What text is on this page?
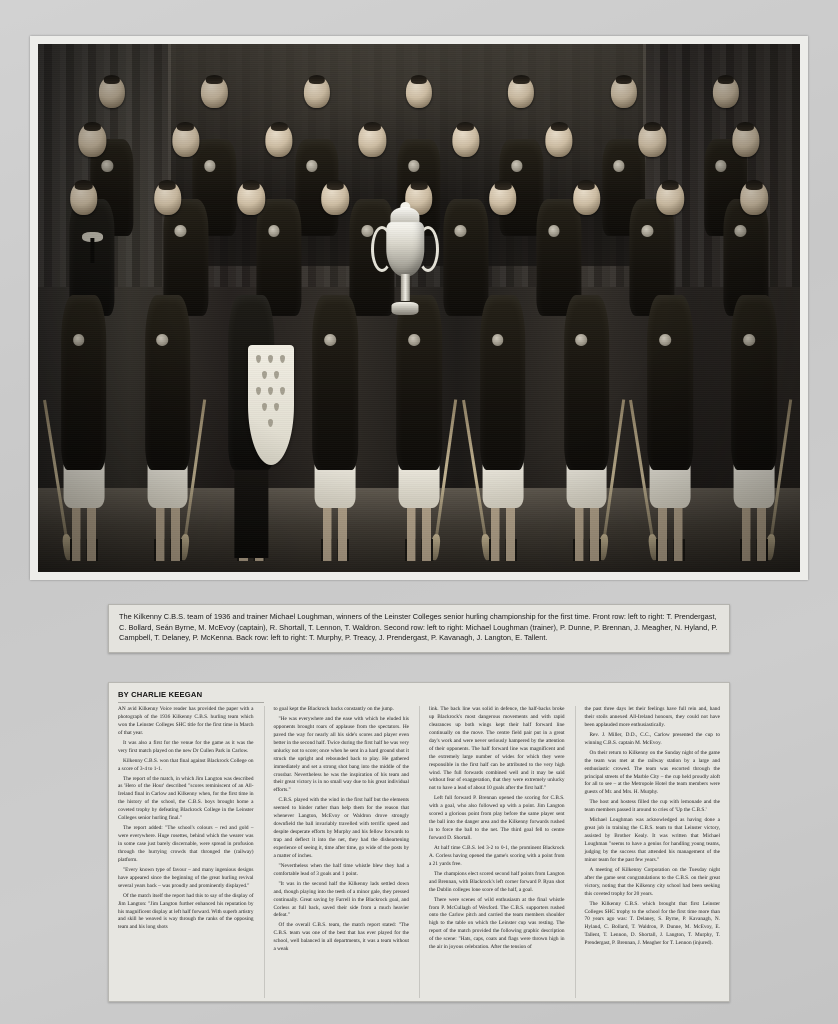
The Kilkenny C.B.S. team of 1936 and trainer Michael Loughman, winners of the Leinster Colleges senior hurling championship for the first time. Front row: left to right: T. Prendergast, C. Bollard, Seán Byrne, M. McEvoy (captain), R. Shortall, T. Lennon, T. Waldron. Second row: left to right: Michael Loughman (trainer), P. Dunne, P. Brennan, J. Meagher, N. Hyland, P. Campbell, T. Delaney, P. McKenna. Back row: left to right: T. Murphy, P. Treacy, J. Prendergast, P. Kavanagh, J. Langton, E. Tallent.
BY CHARLIE KEEGAN

AN avid Kilkenny Voice reader has provided the paper with a photograph of the 1936 Kilkenny C.B.S. hurling team which won the Leinster Colleges SHC title for the first time in March of that year.

It was also a first for the venue for the game as it was the very first match played on the new Dr Cullen Park in Carlow.

Kilkenny C.B.S. won that final against Blackrock College on a score of 3-4 to 1-1.

The report of the match, in which Jim Langton was described as 'Hero of the Hour' described "scores reminiscent of an All-Ireland final in Carlow and Kilkenny when, for the first time in the history of the school, the C.B.S. boys brought home a coveted trophy by defeating Blackrock College in the Leinster Colleges senior hurling final."

The report added: "The school's colours – red and gold – were everywhere. Huge rosettes, behind which the wearer was in some case just barely discernable, were spread in profusion through the hurrying crowds that thronged the (railway) platform.

"Every known type of favour – and many ingenious designs have appeared since the beginning of the great hurling revival several years back – was proudly and prominently displayed."

Of the match itself the report had this to say of the display of Jim Langton: "Jim Langton further enhanced his reputation by his magnificent display at left half forward. With superb artistry and skill he weaved is way through the ranks of the opposing team and his long shots

to goal kept the Blackrock backs constantly on the jump.

"He was everywhere and the ease with which he eluded his opponents brought roars of applause from the spectators. He paved the way for nearly all his side's scores and player even better in the second half. Twice during the first half he was very unlucky not to score; once when he sent in a hard ground shot it struck the upright and rebounded back to play. He gathered immediately and set a strong shot bang into the middle of the crossbar. Nevertheless he was the inspiration of his team and their great victory is in no small way due to his great individual efforts."

C.B.S. played with the wind in the first half but the elements seemed to hinder rather than help them for the reason that whenever Langton, McEvoy or Waldron drove strongly downfield the ball invariably travelled with terrific speed and despite desperate efforts by Murphy and his fellow forwards to trap and deflect it into the net, they had the disheartening experience of seeing it, time after time, go wide of the posts by a matter of inches.

"Nevertheless when the half time whistle blew they had a comfortable lead of 3 goals and 1 point.

"It was in the second half the Kilkenny lads settled down and, though playing into the teeth of a minor gale, they pressed continually. Great saving by Farrell in the Blackrock goal, and Corless at full back, saved their side from a much heavier defeat."

Of the overall C.B.S. team, the match report stated: "The C.B.S. team was one of the best that has ever played for the school, well balanced in all departments, it was a team without a weak

link. The back line was solid in defence, the half-backs broke up Blackrock's most dangerous movements and with rapid clearances up both wings kept their half forward line continually on the move. The centre field pair put in a great day's work and were never seriously hampered by the attention of their opponents. The half forward line was magnificent and the extremely large number of wides for which they were responsible in the first half can be attributed to the very high wind. The full forwards combined well and it may be said without fear of exaggeration, that they were extremely unlucky not to have a lead of about 10 goals after the first half."

Left full forward P. Brennan opened the scoring for C.B.S. with a goal, who also followed up with a point. Jim Langton scored a glorious point from play before the same player sent the ball into the danger area and the Kilkenny forwards rushed in to force the ball to the net. The third goal fell to centre forward D. Shortall.

At half time C.B.S. led 3-2 to 0-1, the prominent Blackrock A. Corless having opened the game's scoring with a point from a 21 yards free.

The champions elect scored second half points from Langton and Brennan, with Blackrock's left corner forward P. Ryan shot the Dublin colleges lone score of the half, a goal.

There were scenes of wild enthusiasm at the final whistle from P. McCullagh of Wexford. The C.B.S. supporters rushed onto the Carlow pitch and carried the team members shoulder high to the table on which the Leinster cup was resting. The report of the match provided the following graphic description of the scene: "Hats, caps, coats and flags were thrown high in the air in joyous celebration. After the tension of

the past three days let their feelings have full rein and, hand their stoils annexed All-Ireland honours, they could not have been applauded more enthusiastically.

Rev. J. Miller, D.D., C.C., Carlow presented the cup to winning C.B.S. captain M. McEvoy.

On their return to Kilkenny on the Sunday night of the game the team was met at the railway station by a large and enthusiastic crowed. The team was escorted through the principal streets of the Marble City – the cup held proudly aloft for all to see – at the Metropole Hotel the team members were guests of Mr. and Mrs. H. Murphy.

The host and hostess filled the cup with lemonade and the team members passed it around to cries of 'Up the C.B.S.'

Michael Loughman was acknowledged as having done a great job in training the C.B.S. team to that Leinster victory, assisted by Brother Kealy. It was written that Michael Loughman "seems to have a genius for handling young teams, judging by the success that attended his management of the minor team for the past few years."

A meeting of Kilkenny Corporation on the Tuesday night after the game sent congratulations to the C.B.S. on their great victory, noting that the Kilkenny city school had been seeking this coveted trophy for 20 years.

The Kilkenny C.B.S. which brought that first Leinster Colleges SHC trophy to the school for the first time more than 70 years ago was: T. Delaney, S. Byrne, P. Kavanagh, N. Hyland, C. Bollard, T. Waldron, P. Dunne, M. McEvoy, E. Tallent, T. Lennon, D. Shortall, J. Langton, T. Murphy, T. Prendergast, P. Brennan, J. Meagher for T. Lennon (injured).
